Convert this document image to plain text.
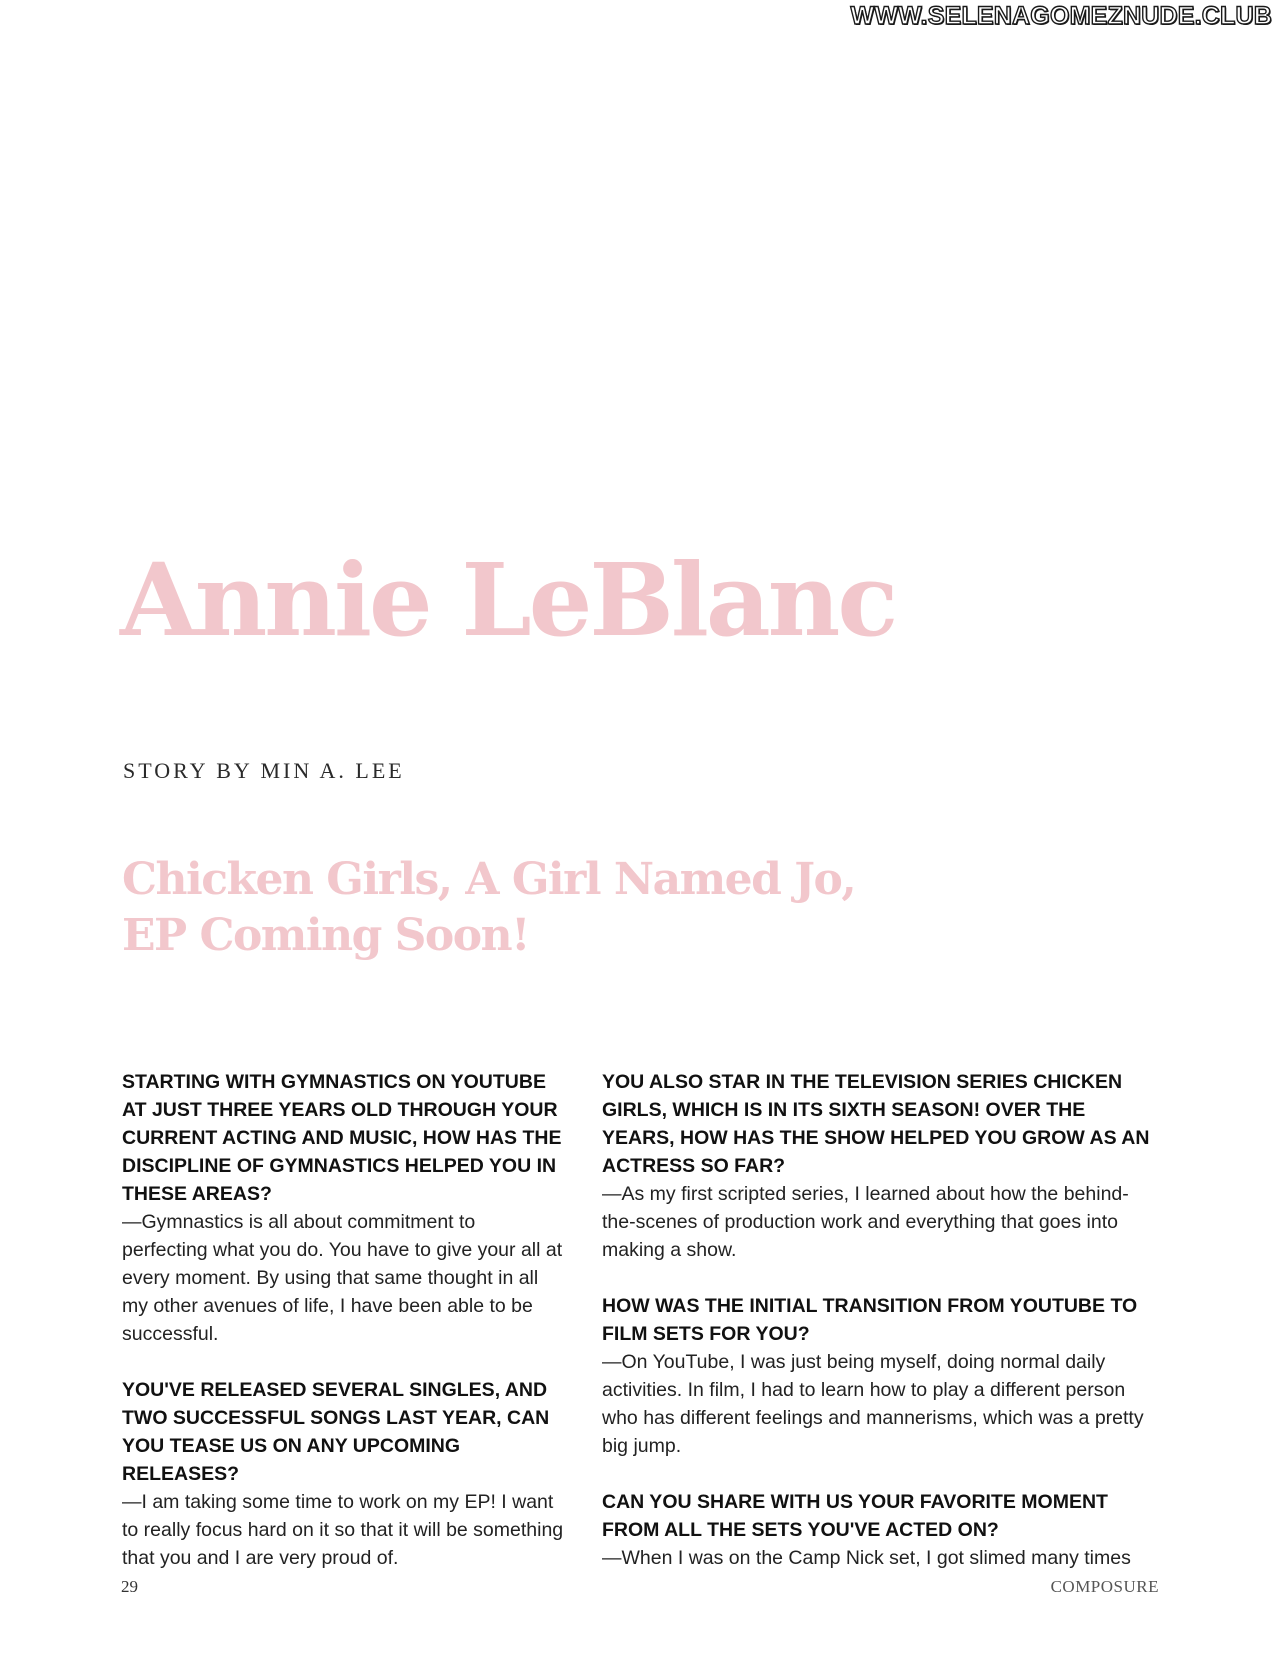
WWW.SELENAGOMEZNUDE.CLUB
Annie LeBlanc
STORY BY MIN A. LEE
Chicken Girls, A Girl Named Jo,
EP Coming Soon!

STARTING WITH GYMNASTICS ON YOUTUBE AT JUST THREE YEARS OLD THROUGH YOUR CURRENT ACTING AND MUSIC, HOW HAS THE DISCIPLINE OF GYMNASTICS HELPED YOU IN THESE AREAS?
—Gymnastics is all about commitment to perfecting what you do. You have to give your all at every moment. By using that same thought in all my other avenues of life, I have been able to be successful.

YOU'VE RELEASED SEVERAL SINGLES, AND TWO SUCCESSFUL SONGS LAST YEAR, CAN YOU TEASE US ON ANY UPCOMING RELEASES?
—I am taking some time to work on my EP! I want to really focus hard on it so that it will be something that you and I are very proud of.

YOU ALSO STAR IN THE TELEVISION SERIES CHICKEN GIRLS, WHICH IS IN ITS SIXTH SEASON! OVER THE YEARS, HOW HAS THE SHOW HELPED YOU GROW AS AN ACTRESS SO FAR?
—As my first scripted series, I learned about how the behind-the-scenes of production work and everything that goes into making a show.

HOW WAS THE INITIAL TRANSITION FROM YOUTUBE TO FILM SETS FOR YOU?
—On YouTube, I was just being myself, doing normal daily activities. In film, I had to learn how to play a different person who has different feelings and mannerisms, which was a pretty big jump.

CAN YOU SHARE WITH US YOUR FAVORITE MOMENT FROM ALL THE SETS YOU'VE ACTED ON?
—When I was on the Camp Nick set, I got slimed many times

29	COMPOSURE
